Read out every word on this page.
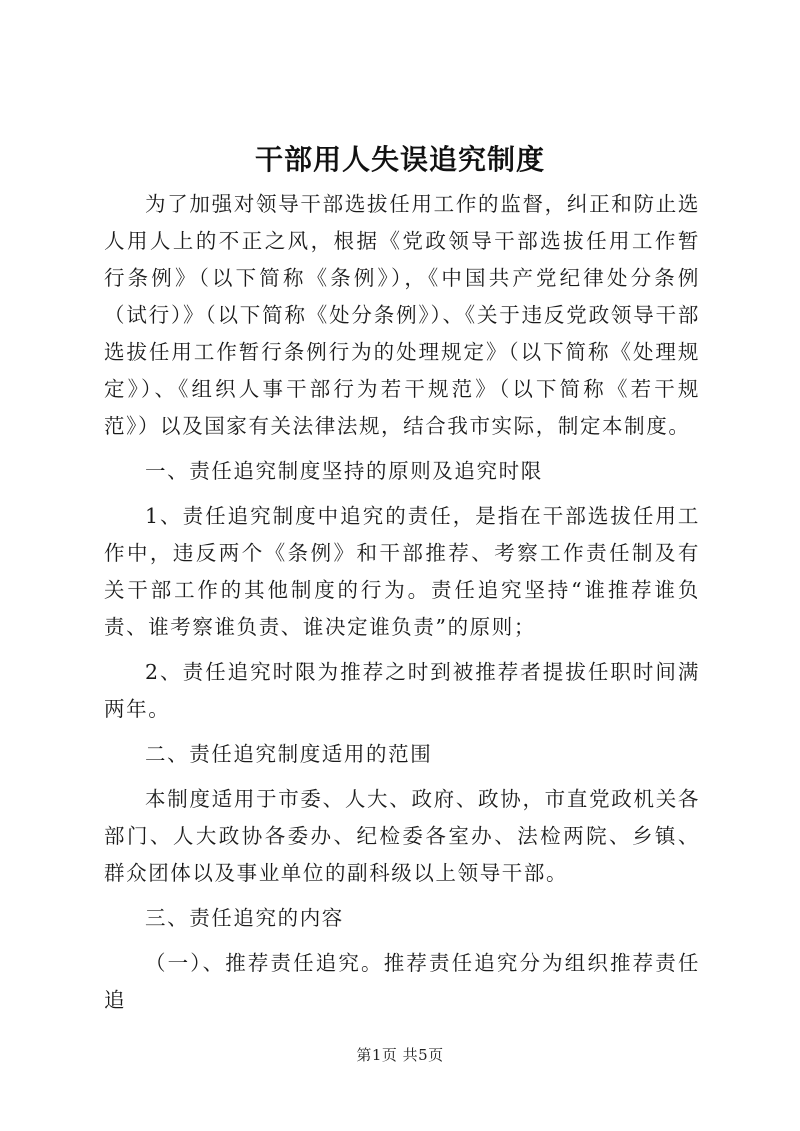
干部用人失误追究制度

为了加强对领导干部选拔任用工作的监督，纠正和防止选人用人上的不正之风，根据《党政领导干部选拔任用工作暂行条例》（以下简称《条例》），《中国共产党纪律处分条例（试行）》（以下简称《处分条例》）、《关于违反党政领导干部选拔任用工作暂行条例行为的处理规定》（以下简称《处理规定》）、《组织人事干部行为若干规范》（以下简称《若干规范》）以及国家有关法律法规，结合我市实际，制定本制度。

一、责任追究制度坚持的原则及追究时限

1、责任追究制度中追究的责任，是指在干部选拔任用工作中，违反两个《条例》和干部推荐、考察工作责任制及有关干部工作的其他制度的行为。责任追究坚持“谁推荐谁负责、谁考察谁负责、谁决定谁负责”的原则；

2、责任追究时限为推荐之时到被推荐者提拔任职时间满两年。

二、责任追究制度适用的范围

本制度适用于市委、人大、政府、政协，市直党政机关各部门、人大政协各委办、纪检委各室办、法检两院、乡镇、群众团体以及事业单位的副科级以上领导干部。

三、责任追究的内容

（一）、推荐责任追究。推荐责任追究分为组织推荐责任追

第1页 共5页
